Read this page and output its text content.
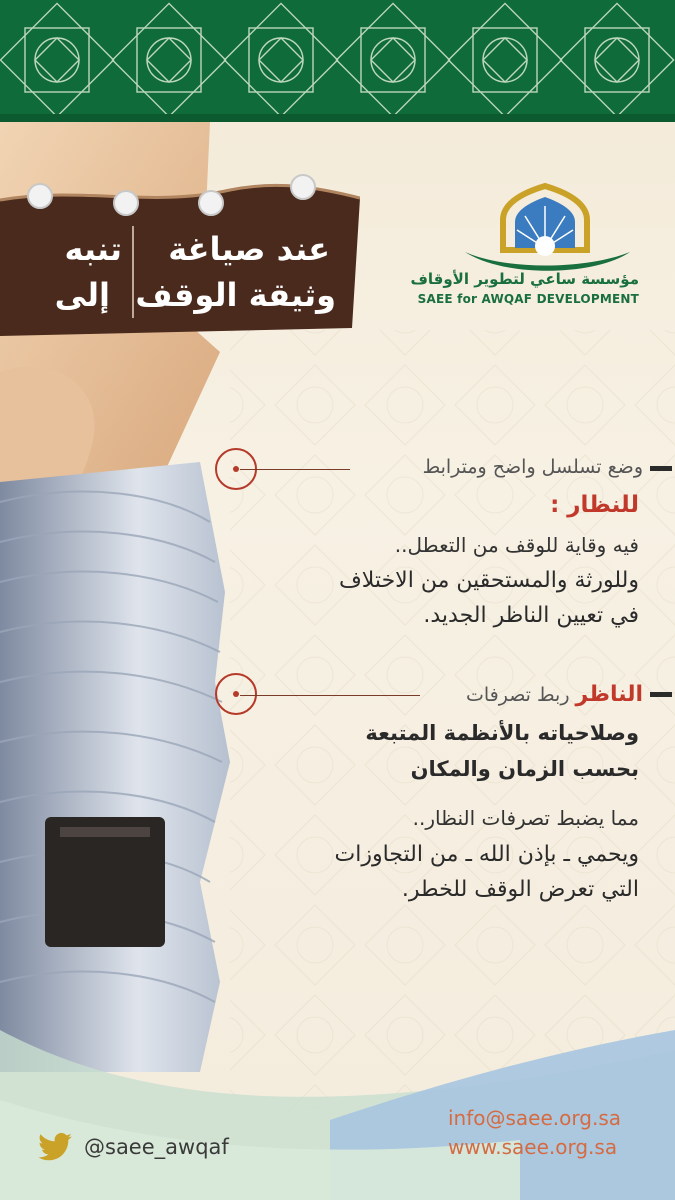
تنبه
إلى
عند صياغة
وثيقة الوقف	مؤسسة ساعي لتطوير الأوقاف
SAEE for AWQAF DEVELOPMENT
وضع تسلسل واضح ومترابط
للنظار :
فيه وقاية للوقف من التعطل..
وللورثة والمستحقين من الاختلاف
في تعيين الناظر الجديد.
الناظر ربط تصرفات
وصلاحياته بالأنظمة المتبعة
بحسب الزمان والمكان
مما يضبط تصرفات النظار..
ويحمي ـ بإذن الله ـ من التجاوزات
التي تعرض الوقف للخطر.
info@saee.org.sa
www.saee.org.sa
@saee_awqaf
